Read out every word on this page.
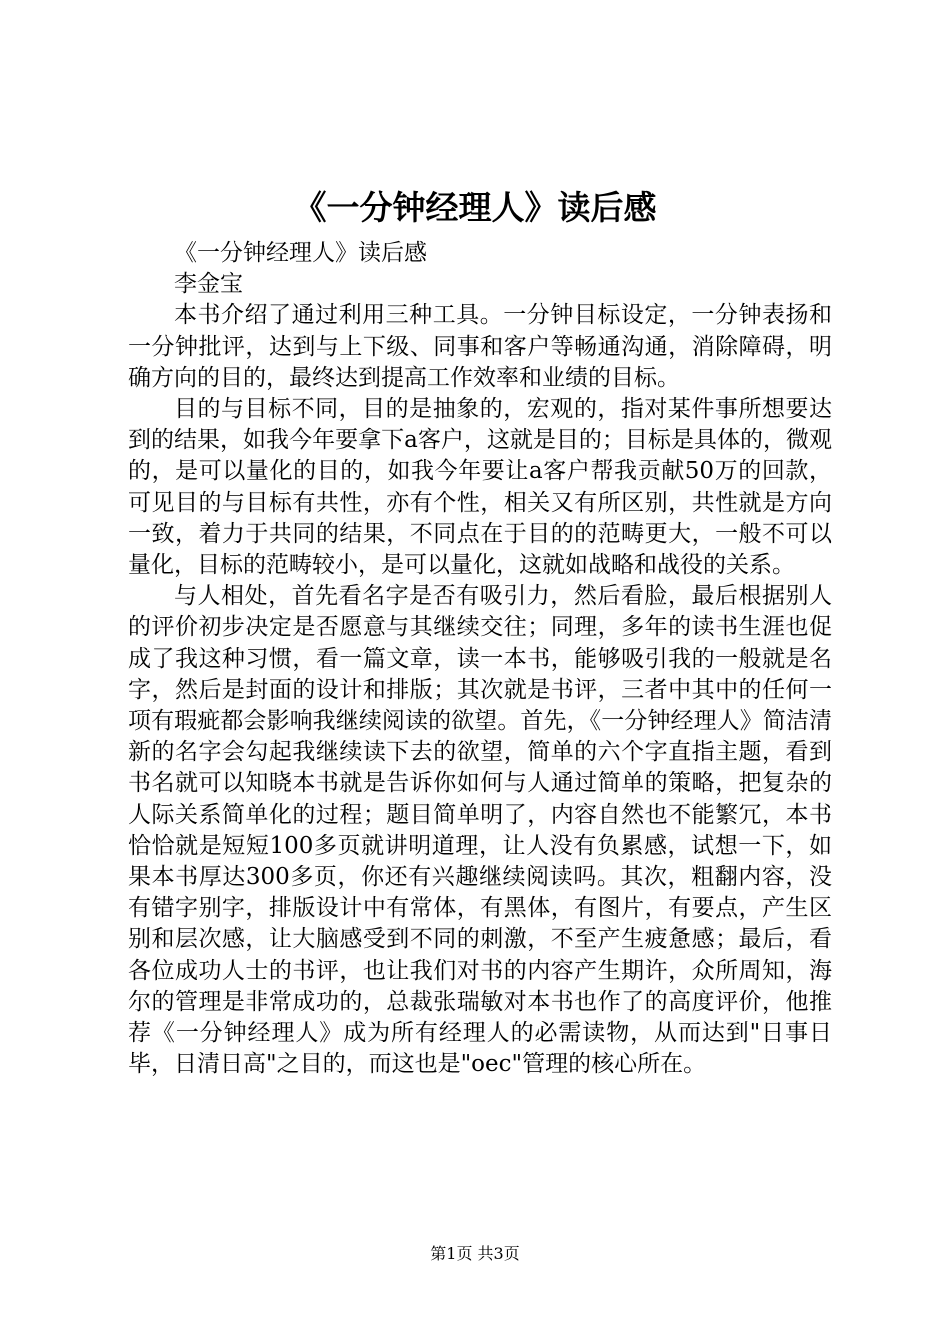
《一分钟经理人》读后感

《一分钟经理人》读后感

李金宝

本书介绍了通过利用三种工具。一分钟目标设定，一分钟表扬和一分钟批评，达到与上下级、同事和客户等畅通沟通，消除障碍，明确方向的目的，最终达到提高工作效率和业绩的目标。

目的与目标不同，目的是抽象的，宏观的，指对某件事所想要达到的结果，如我今年要拿下a客户，这就是目的；目标是具体的，微观的，是可以量化的目的，如我今年要让a客户帮我贡献50万的回款，可见目的与目标有共性，亦有个性，相关又有所区别，共性就是方向一致，着力于共同的结果，不同点在于目的的范畴更大，一般不可以量化，目标的范畴较小，是可以量化，这就如战略和战役的关系。

与人相处，首先看名字是否有吸引力，然后看脸，最后根据别人的评价初步决定是否愿意与其继续交往；同理，多年的读书生涯也促成了我这种习惯，看一篇文章，读一本书，能够吸引我的一般就是名字，然后是封面的设计和排版；其次就是书评，三者中其中的任何一项有瑕疵都会影响我继续阅读的欲望。首先，《一分钟经理人》简洁清新的名字会勾起我继续读下去的欲望，简单的六个字直指主题，看到书名就可以知晓本书就是告诉你如何与人通过简单的策略，把复杂的人际关系简单化的过程；题目简单明了，内容自然也不能繁冗，本书恰恰就是短短100多页就讲明道理，让人没有负累感，试想一下，如果本书厚达300多页，你还有兴趣继续阅读吗。其次，粗翻内容，没有错字别字，排版设计中有常体，有黑体，有图片，有要点，产生区别和层次感，让大脑感受到不同的刺激，不至产生疲惫感；最后，看各位成功人士的书评，也让我们对书的内容产生期许，众所周知，海尔的管理是非常成功的，总裁张瑞敏对本书也作了的高度评价，他推荐《一分钟经理人》成为所有经理人的必需读物，从而达到"日事日毕，日清日高"之目的，而这也是"oec"管理的核心所在。

第1页 共3页
